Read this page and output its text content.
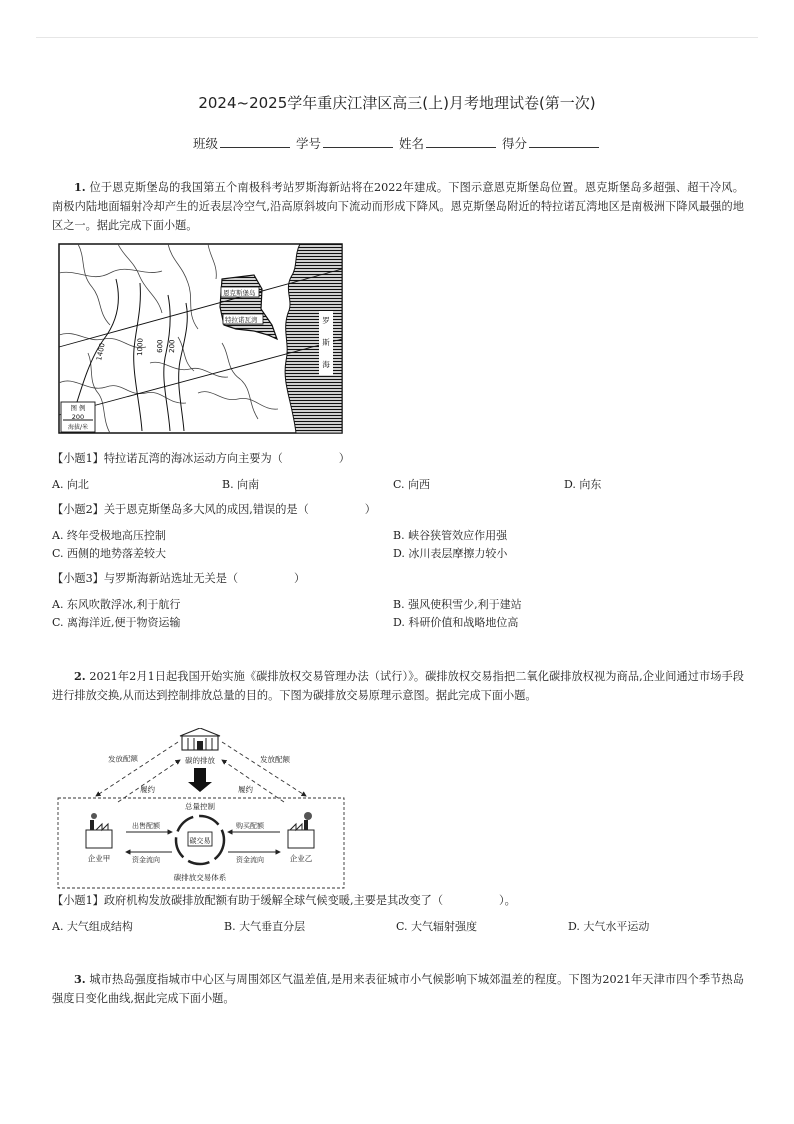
2024~2025学年重庆江津区高三(上)月考地理试卷(第一次)
班级	学号	姓名	得分
1. 位于恩克斯堡岛的我国第五个南极科考站罗斯海新站将在2022年建成。下图示意恩克斯堡岛位置。恩克斯堡岛多超强、超干冷风。南极内陆地面辐射冷却产生的近表层冷空气,沿高原斜坡向下流动而形成下降风。恩克斯堡岛附近的特拉诺瓦湾地区是南极洲下降风最强的地区之一。据此完成下面小题。
1400	1000 600 200
恩克斯堡岛
特拉诺瓦湾	罗
斯
海
图 例
200
海拔/米
【小题1】特拉诺瓦湾的海冰运动方向主要为（　　　　　）
A. 向北	B. 向南	C. 向西	D. 向东
【小题2】关于恩克斯堡岛多大风的成因,错误的是（　　　　　）
A. 终年受极地高压控制	B. 峡谷狭管效应作用强
C. 西侧的地势落差较大	D. 冰川表层摩擦力较小
【小题3】与罗斯海新站选址无关是（　　　　　）
A. 东风吹散浮冰,利于航行	B. 强风使积雪少,利于建站
C. 离海洋近,便于物资运输	D. 科研价值和战略地位高
2. 2021年2月1日起我国开始实施《碳排放权交易管理办法（试行）》。碳排放权交易指把二氧化碳排放权视为商品,企业间通过市场手段进行排放交换,从而达到控制排放总量的目的。下图为碳排放交易原理示意图。据此完成下面小题。
碳的排放
发放配额	发放配额
履约	履约
总量控制
碳交易
出售配额
资金流向
购买配额
资金流向
企业甲	企业乙
碳排放交易体系
【小题1】政府机构发放碳排放配额有助于缓解全球气候变暖,主要是其改变了（　　　　　）。
A. 大气组成结构	B. 大气垂直分层	C. 大气辐射强度	D. 大气水平运动
3. 城市热岛强度指城市中心区与周围郊区气温差值,是用来表征城市小气候影响下城郊温差的程度。下图为2021年天津市四个季节热岛强度日变化曲线,据此完成下面小题。
